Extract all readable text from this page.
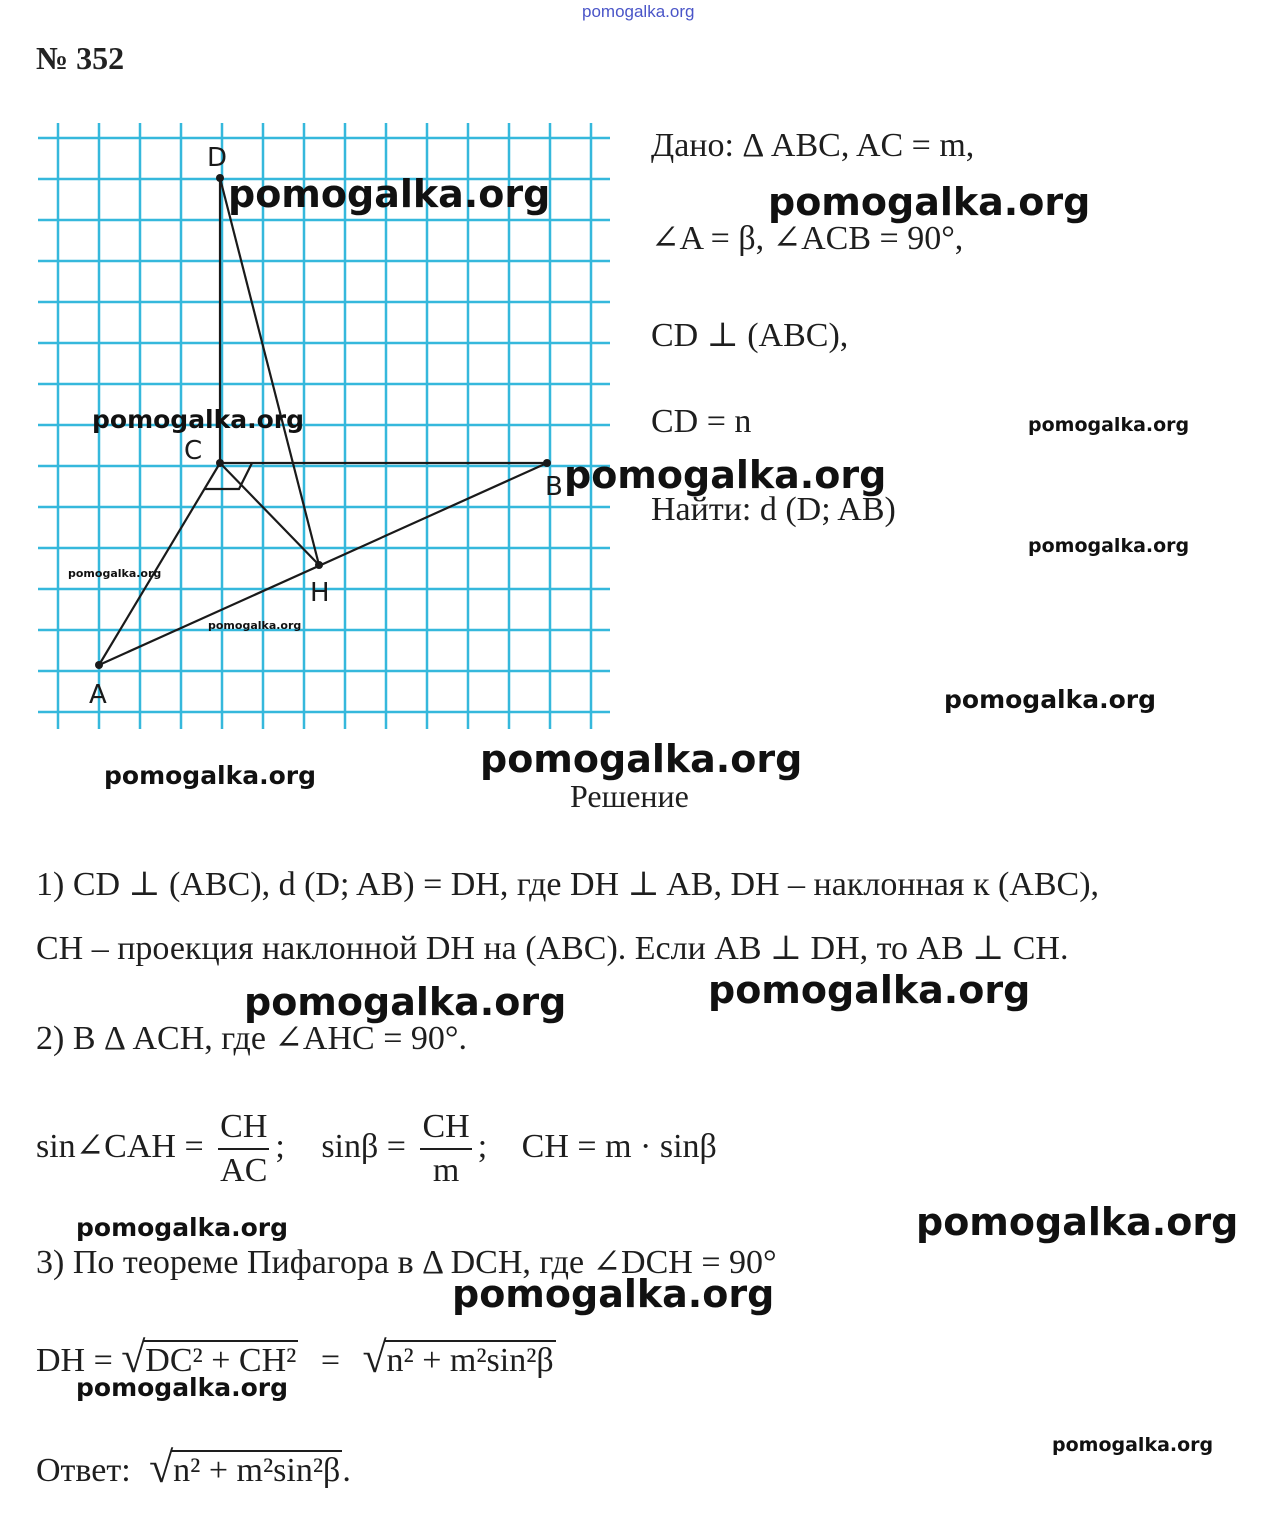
pomogalka.org
№ 352
D
C
B
H
A
Дано: Δ ABC, AC = m,
∠A = β, ∠ACB = 90°,
CD ⊥ (ABC),
CD = n
Найти: d (D; AB)
Решение
1) CD ⊥ (ABC), d (D; AB) = DH, где DH ⊥ AB, DH – наклонная к (ABC),
CH – проекция наклонной DH на (ABC). Если AB ⊥ DH, то AB ⊥ CH.
2) В Δ ACH, где ∠AHC = 90°.
sin∠CAH = $\frac{CH}{AC}$ ; $\sin\beta = \frac{CH}{m}$ ; CH = m · sinβ
3) По теореме Пифагора в Δ DCH, где ∠DCH = 90°
DH = √ DC² + CH² = √ n² + m²sin²β
Ответ: √ n² + m²sin²β.
pomogalka.org	pomogalka.org
pomogalka.org	pomogalka.org
pomogalka.org
pomogalka.org
pomogalka.org
pomogalka.org
pomogalka.org
pomogalka.org
pomogalka.org
pomogalka.org	pomogalka.org
pomogalka.org	pomogalka.org
pomogalka.org
pomogalka.org
pomogalka.org
